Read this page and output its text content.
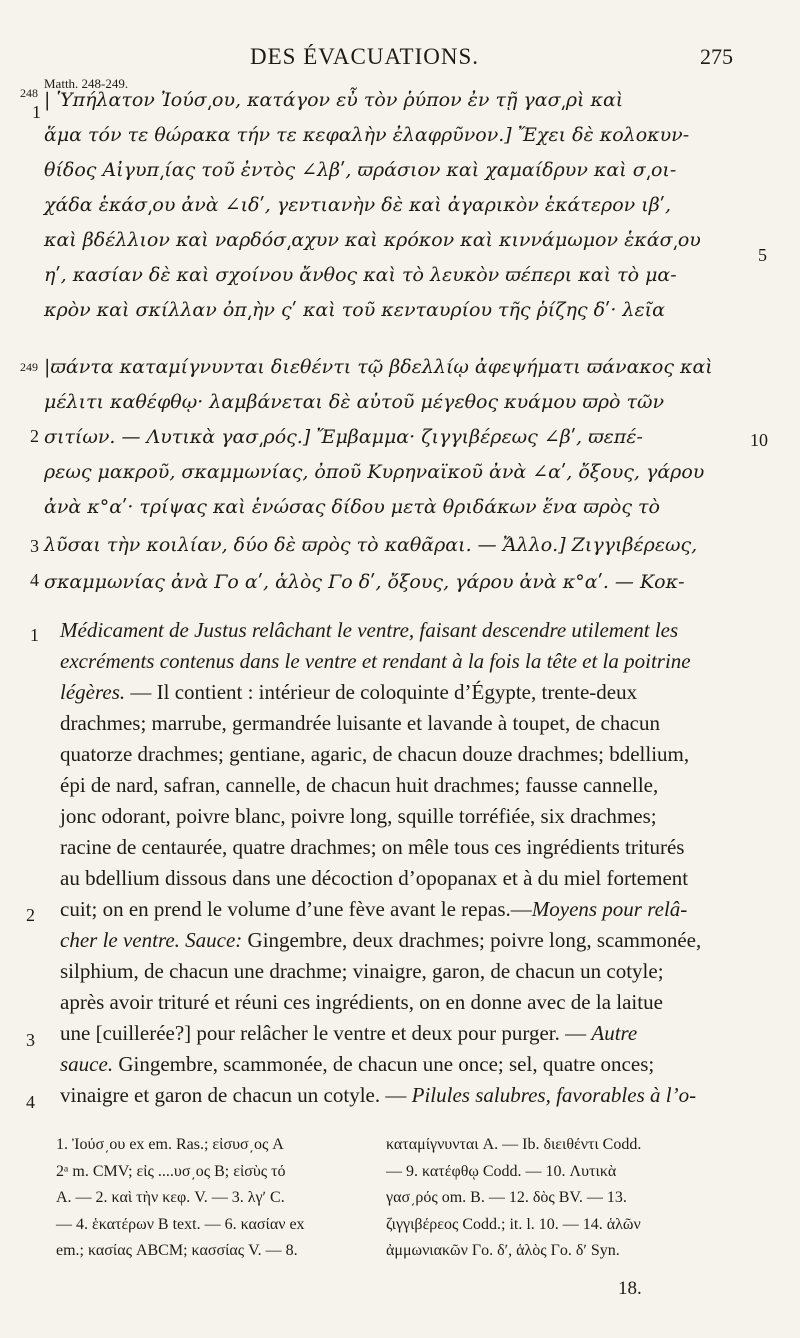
DES ÉVACUATIONS.	275
Matth. 248-249.
248
1
249
2
3
4
5
10
1
2
3
4
| Ὑπήλατον Ἰούσ͵ου, κατάγον εὖ τὸν ῥύπον ἐν τῇ γασ͵ρὶ καὶ
ἅμα τόν τε θώρακα τήν τε κεφαλὴν ἐλαφρῦνον.] Ἔχει δὲ κολοκυν-
θίδος Αἰγυπ͵ίας τοῦ ἐντὸς ∠λβʹ, ϖράσιον καὶ χαμαίδρυν καὶ σ͵οι-
χάδα ἑκάσ͵ου ἀνὰ ∠ιδʹ, γεντιανὴν δὲ καὶ ἀγαρικὸν ἑκάτερον ιβʹ,
καὶ βδέλλιον καὶ ναρδόσ͵αχυν καὶ κρόκον καὶ κιννάμωμον ἑκάσ͵ου
ηʹ, κασίαν δὲ καὶ σχοίνου ἄνθος καὶ τὸ λευκὸν ϖέπερι καὶ τὸ μα-
κρὸν καὶ σκίλλαν ὀπ͵ὴν ςʹ καὶ τοῦ κενταυρίου τῆς ῥίζης δʹ· λεῖα
|ϖάντα καταμίγνυνται διεθέντι τῷ βδελλίῳ ἀφεψήματι ϖάνακος καὶ
μέλιτι καθέφθῳ· λαμβάνεται δὲ αὐτοῦ μέγεθος κυάμου ϖρὸ τῶν
σιτίων. — Λυτικὰ γασ͵ρός.] Ἔμβαμμα· ζιγγιβέρεως ∠βʹ, ϖεπέ-
ρεως μακροῦ, σκαμμωνίας, ὀποῦ Κυρηναϊκοῦ ἀνὰ ∠αʹ, ὄξους, γάρου
ἀνὰ κ°αʹ· τρίψας καὶ ἑνώσας δίδου μετὰ θριδάκων ἕνα ϖρὸς τὸ
λῦσαι τὴν κοιλίαν, δύο δὲ ϖρὸς τὸ καθᾶραι. — Ἄλλο.] Ζιγγιβέρεως,
σκαμμωνίας ἀνὰ Γο αʹ, ἁλὸς Γο δʹ, ὄξους, γάρου ἀνὰ κ°αʹ. — Κοκ-
Médicament de Justus relâchant le ventre, faisant descendre utilement les
excréments contenus dans le ventre et rendant à la fois la tête et la poitrine
légères. — Il contient : intérieur de coloquinte d’Égypte, trente-deux
drachmes; marrube, germandrée luisante et lavande à toupet, de chacun
quatorze drachmes; gentiane, agaric, de chacun douze drachmes; bdellium,
épi de nard, safran, cannelle, de chacun huit drachmes; fausse cannelle,
jonc odorant, poivre blanc, poivre long, squille torréfiée, six drachmes;
racine de centaurée, quatre drachmes; on mêle tous ces ingrédients triturés
au bdellium dissous dans une décoction d’opopanax et à du miel fortement
cuit; on en prend le volume d’une fève avant le repas.—Moyens pour relâ-
cher le ventre. Sauce: Gingembre, deux drachmes; poivre long, scammonée,
silphium, de chacun une drachme; vinaigre, garon, de chacun un cotyle;
après avoir trituré et réuni ces ingrédients, on en donne avec de la laitue
une [cuillerée?] pour relâcher le ventre et deux pour purger. — Autre
sauce. Gingembre, scammonée, de chacun une once; sel, quatre onces;
vinaigre et garon de chacun un cotyle. — Pilules salubres, favorables à l’o-
1. Ἰούσ͵ου ex em. Ras.; εἰσυσ͵ος A
2ᵃ m. CMV; εἰς ....υσ͵ος B; εἰσὺς τό
A. — 2. καὶ τὴν κεφ. V. — 3. λγʹ C.
— 4. ἑκατέρων B text. — 6. κασίαν ex
em.; κασίας ABCM; κασσίας V. — 8.
καταμίγνυνται A. — Ib. διειθέντι Codd.
— 9. κατέφθῳ Codd. — 10. Λυτικὰ
γασ͵ρός om. B. — 12. δὸς BV. — 13.
ζιγγιβέρεος Codd.; it. l. 10. — 14. ἁλῶν
ἀμμωνιακῶν Γο. δʹ, ἁλὸς Γο. δʹ Syn.
18.
